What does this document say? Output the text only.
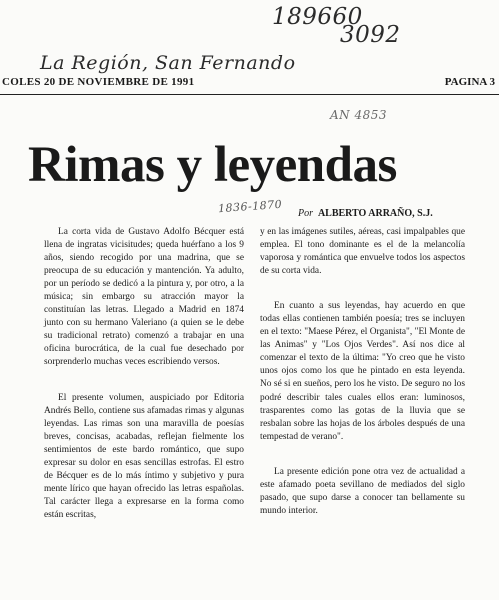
189660
3092
La Región, San Fernando
AN 4853
COLES 20 DE NOVIEMBRE DE 1991	PAGINA 3
Rimas y leyendas
Por ALBERTO ARRAÑO, S.J.
1836-1870

La corta vida de Gustavo Adolfo Bécquer está llena de ingratas vicisitudes; queda huérfano a los 9 años, siendo recogido por una madrina, que se preocupa de su educación y mantención. Ya adulto, por un período se dedicó a la pintura y, por otro, a la música; sin embargo su atracción mayor la constituían las letras. Llegado a Madrid en 1874 junto con su hermano Valeriano (a quien se le debe su tradicional retrato) comenzó a trabajar en una oficina burocrática, de la cual fue desechado por sorprenderlo muchas veces escribiendo versos.

El presente volumen, auspiciado por Editoria Andrés Bello, contiene sus afamadas rimas y algunas leyendas. Las rimas son una maravilla de poesías breves, concisas, acabadas, reflejan fielmente los sentimientos de este bardo romántico, que supo expresar su dolor en esas sencillas estrofas. El estro de Bécquer es de lo más íntimo y subjetivo y pura mente lírico que hayan ofrecido las letras españolas. Tal carácter llega a expresarse en la forma como están escritas,

y en las imágenes sutiles, aéreas, casi impalpables que emplea. El tono dominante es el de la melancolía vaporosa y romántica que envuelve todos los aspectos de su corta vida.

En cuanto a sus leyendas, hay acuerdo en que todas ellas contienen también poesía; tres se incluyen en el texto: "Maese Pérez, el Organista", "El Monte de las Animas" y "Los Ojos Verdes". Así nos dice al comenzar el texto de la última: "Yo creo que he visto unos ojos como los que he pintado en esta leyenda. No sé si en sueños, pero los he visto. De seguro no los podré describir tales cuales ellos eran: luminosos, trasparentes como las gotas de la lluvia que se resbalan sobre las hojas de los árboles después de una tempestad de verano".

La presente edición pone otra vez de actualidad a este afamado poeta sevillano de mediados del siglo pasado, que supo darse a conocer tan bellamente su mundo interior.
